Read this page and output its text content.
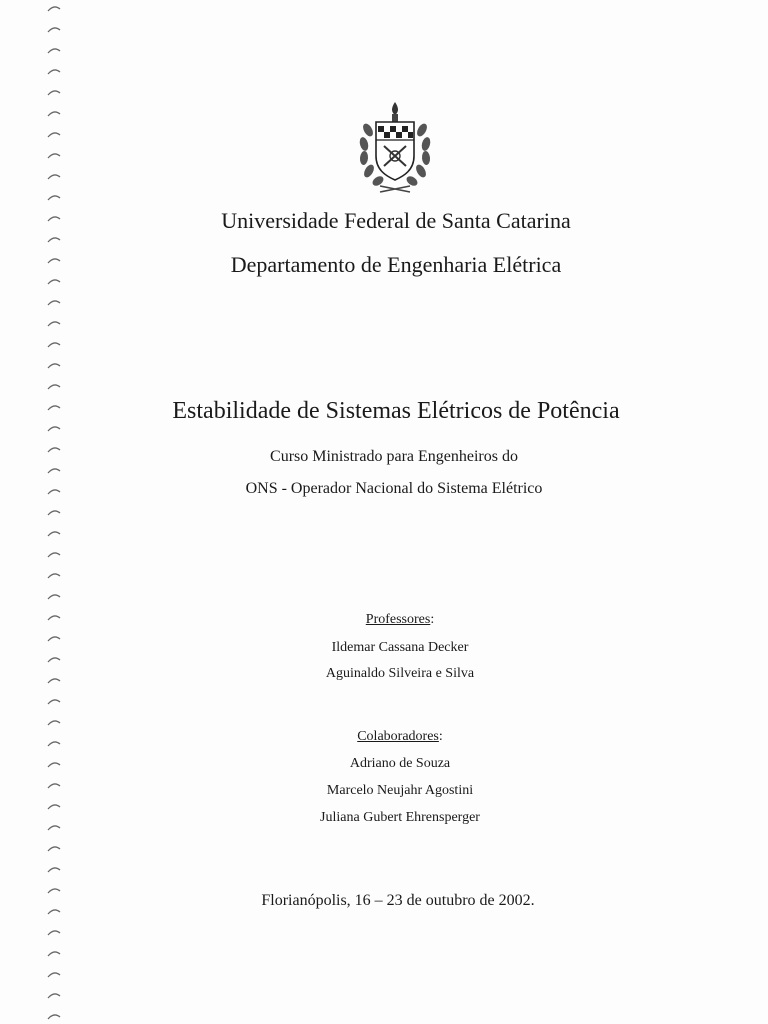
Universidade Federal de Santa Catarina
Departamento de Engenharia Elétrica
Estabilidade de Sistemas Elétricos de Potência
Curso Ministrado para Engenheiros do
ONS - Operador Nacional do Sistema Elétrico
Professores:
Ildemar Cassana Decker
Aguinaldo Silveira e Silva
Colaboradores:
Adriano de Souza
Marcelo Neujahr Agostini
Juliana Gubert Ehrensperger
Florianópolis, 16 – 23 de outubro de 2002.
